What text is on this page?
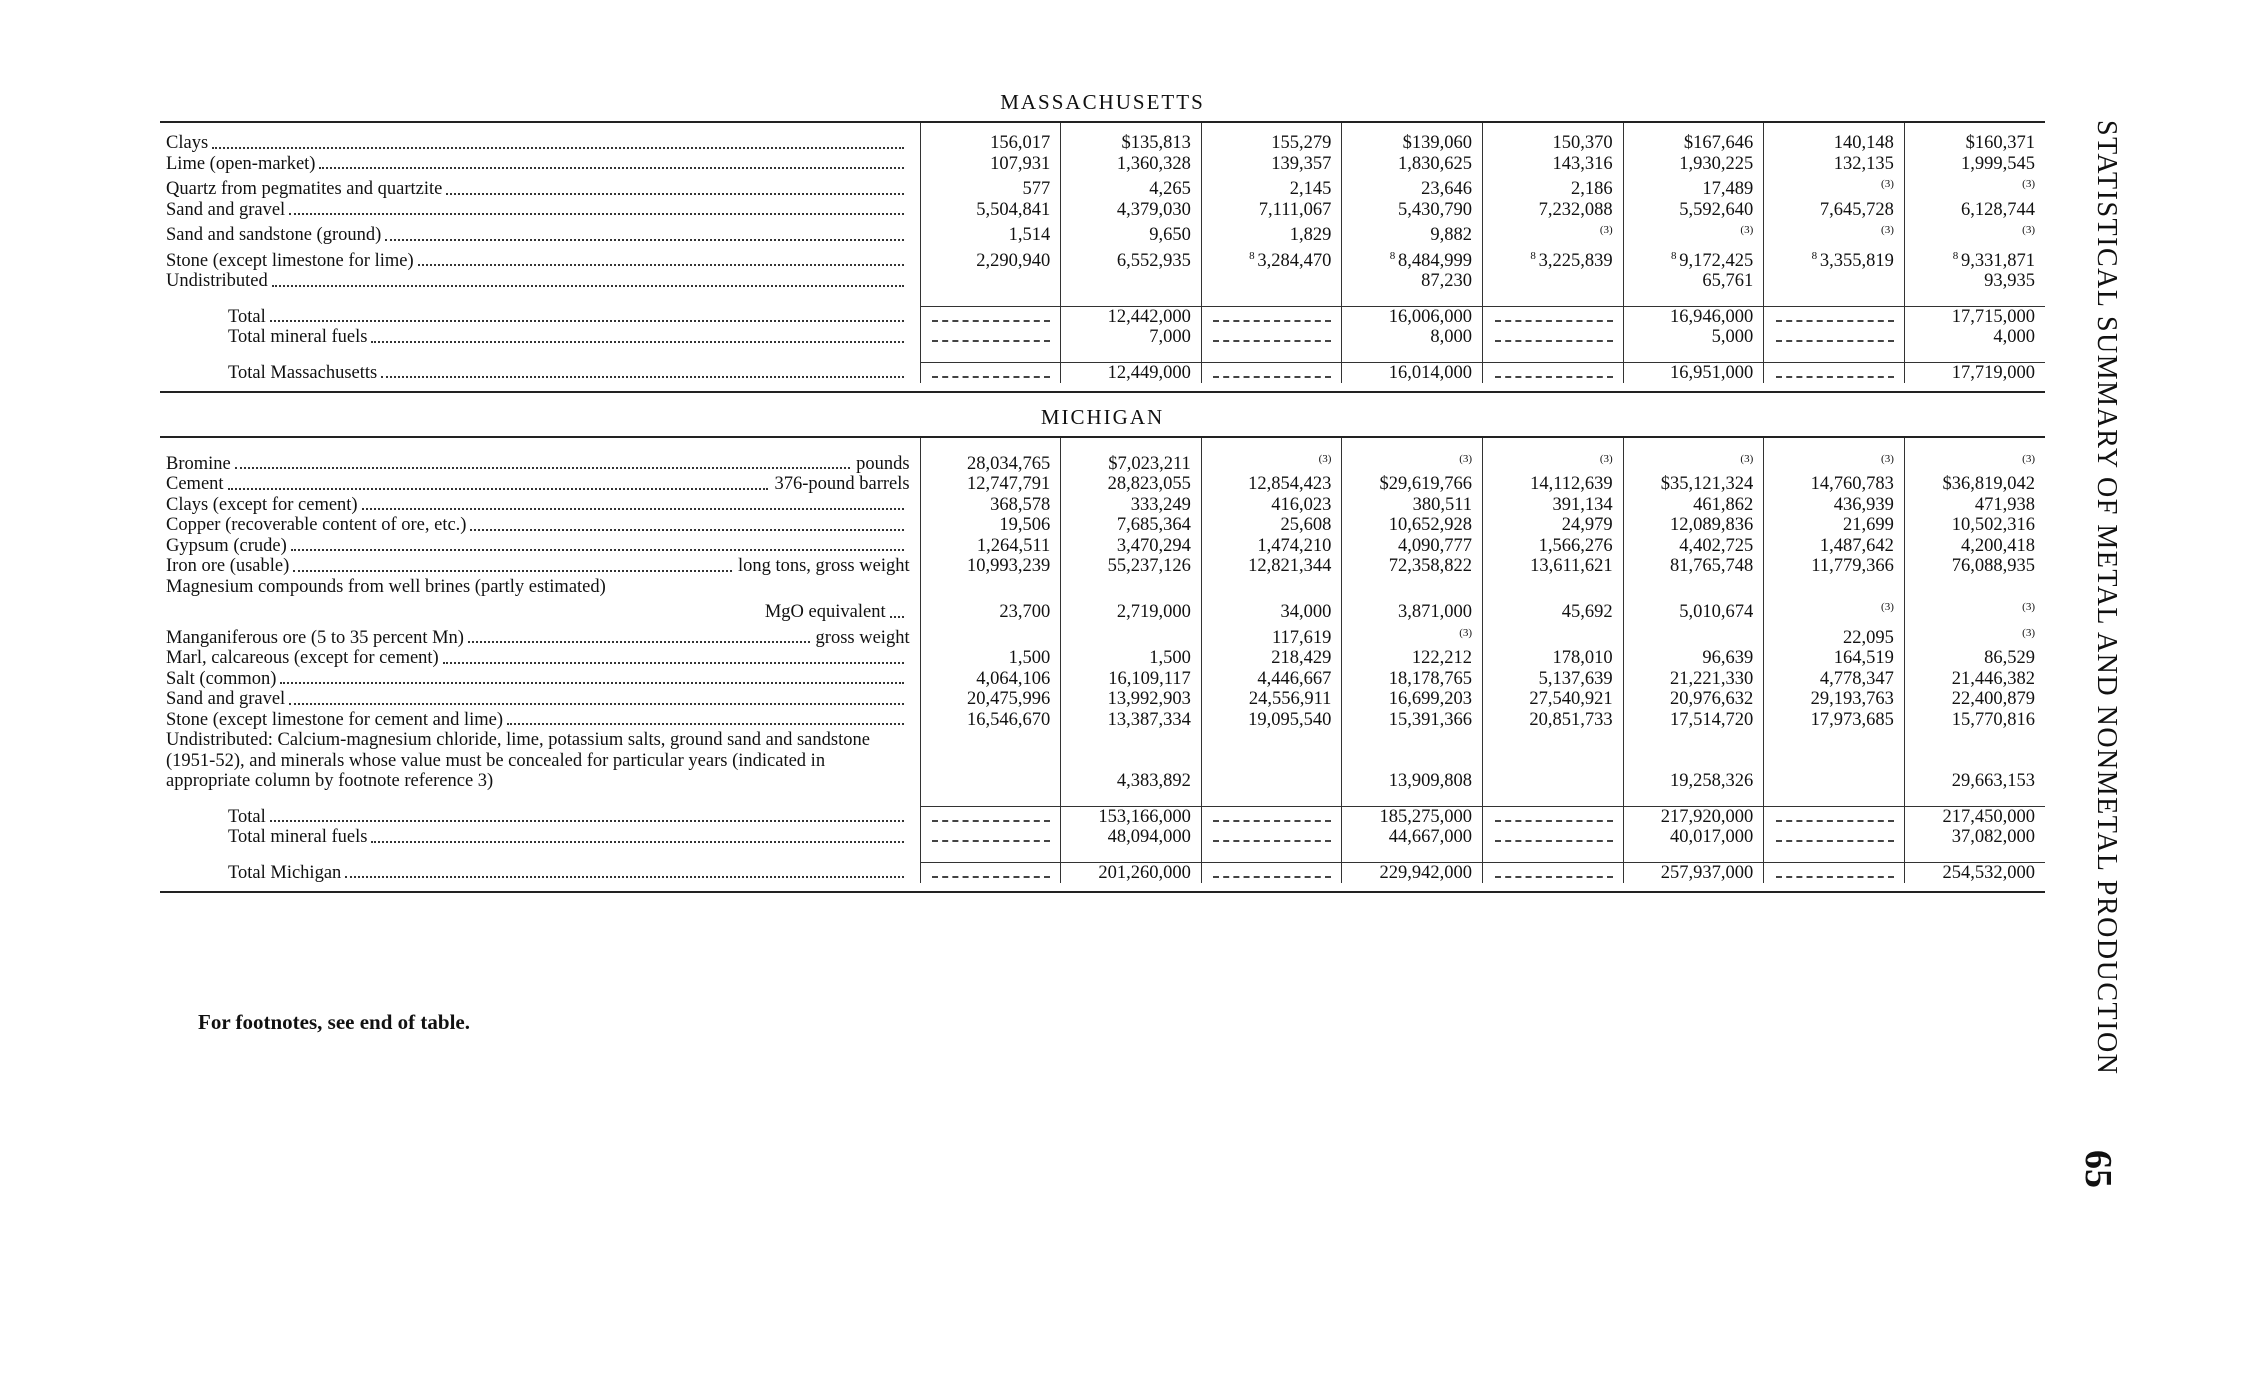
MASSACHUSETTS
Clays	156,017	$135,813	155,279	$139,060	150,370	$167,646	140,148	$160,371

Lime (open-market)	107,931	1,360,328	139,357	1,830,625	143,316	1,930,225	132,135	1,999,545

Quartz from pegmatites and quartzite	577	4,265	2,145	23,646	2,186	17,489	$^{(3)}$	$^{(3)}$

Sand and gravel	5,504,841	4,379,030	7,111,067	5,430,790	7,232,088	5,592,640	7,645,728	6,128,744

Sand and sandstone (ground)	1,514	9,650	1,829	9,882	$^{(3)}$	$^{(3)}$	$^{(3)}$	$^{(3)}$

Stone (except limestone for lime)	2,290,940	6,552,935	$^8$ 3,284,470	$^8$ 8,484,999	$^8$ 3,225,839	$^8$ 9,172,425	$^8$ 3,355,819	$^8$ 9,331,871

Undistributed				87,230		65,761		93,935

Total		12,442,000		16,006,000		16,946,000		17,715,000

Total mineral fuels		7,000		8,000		5,000		4,000

Total Massachusetts		12,449,000		16,014,000		16,951,000		17,719,000
MICHIGAN
Bromine pounds	28,034,765	$7,023,211	$^{(3)}$	$^{(3)}$	$^{(3)}$	$^{(3)}$	$^{(3)}$	$^{(3)}$

Cement 376-pound barrels	12,747,791	28,823,055	12,854,423	$29,619,766	14,112,639	$35,121,324	14,760,783	$36,819,042

Clays (except for cement)	368,578	333,249	416,023	380,511	391,134	461,862	436,939	471,938

Copper (recoverable content of ore, etc.)	19,506	7,685,364	25,608	10,652,928	24,979	12,089,836	21,699	10,502,316

Gypsum (crude)	1,264,511	3,470,294	1,474,210	4,090,777	1,566,276	4,402,725	1,487,642	4,200,418

Iron ore (usable) long tons, gross weight	10,993,239	55,237,126	12,821,344	72,358,822	13,611,621	81,765,748	11,779,366	76,088,935
Magnesium compounds from well brines (partly estimated)								

MgO equivalent	23,700	2,719,000	34,000	3,871,000	45,692	5,010,674	$^{(3)}$	$^{(3)}$

Manganiferous ore (5 to 35 percent Mn) gross weight			117,619	$^{(3)}$			22,095	$^{(3)}$

Marl, calcareous (except for cement)	1,500	1,500	218,429	122,212	178,010	96,639	164,519	86,529

Salt (common)	4,064,106	16,109,117	4,446,667	18,178,765	5,137,639	21,221,330	4,778,347	21,446,382

Sand and gravel	20,475,996	13,992,903	24,556,911	16,699,203	27,540,921	20,976,632	29,193,763	22,400,879

Stone (except limestone for cement and lime)	16,546,670	13,387,334	19,095,540	15,391,366	20,851,733	17,514,720	17,973,685	15,770,816
Undistributed: Calcium-magnesium chloride, lime, potassium salts, ground sand and sandstone (1951-52), and minerals whose value must be concealed for particular years (indicated in appropriate column by footnote reference 3)		4,383,892		13,909,808		19,258,326		29,663,153

Total		153,166,000		185,275,000		217,920,000		217,450,000

Total mineral fuels		48,094,000		44,667,000		40,017,000		37,082,000

Total Michigan		201,260,000		229,942,000		257,937,000		254,532,000
For footnotes, see end of table.	STATISTICAL SUMMARY OF METAL AND NONMETAL PRODUCTION
65
